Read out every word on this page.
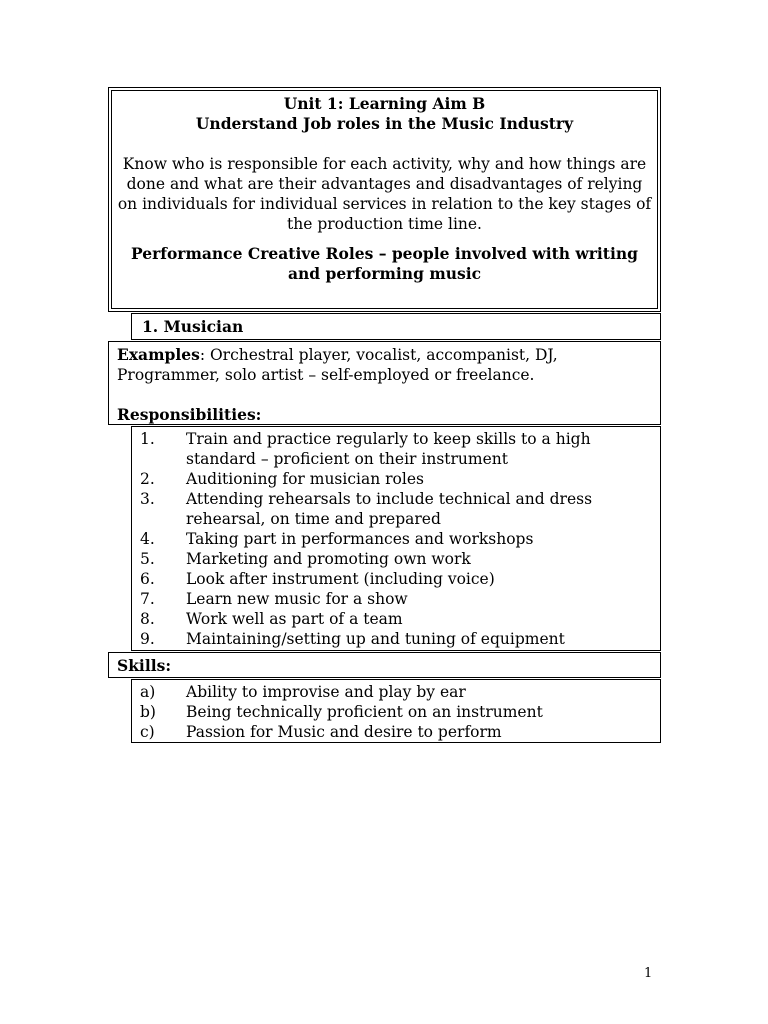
Unit 1: Learning Aim B

Understand Job roles in the Music Industry

Know who is responsible for each activity, why and how things are done and what are their advantages and disadvantages of relying on individuals for individual services in relation to the key stages of the production time line.

Performance Creative Roles – people involved with writing and performing music

1. Musician

Examples: Orchestral player, vocalist, accompanist, DJ, Programmer, solo artist – self-employed or freelance.

Responsibilities:

1.	Train and practice regularly to keep skills to a high standard – proficient on their instrument
2.	Auditioning for musician roles
3.	Attending rehearsals to include technical and dress rehearsal, on time and prepared
4.	Taking part in performances and workshops
5.	Marketing and promoting own work
6.	Look after instrument (including voice)
7.	Learn new music for a show
8.	Work well as part of a team
9.	Maintaining/setting up and tuning of equipment
Skills:
a)	Ability to improvise and play by ear
b)	Being technically proficient on an instrument
c)	Passion for Music and desire to perform
1
